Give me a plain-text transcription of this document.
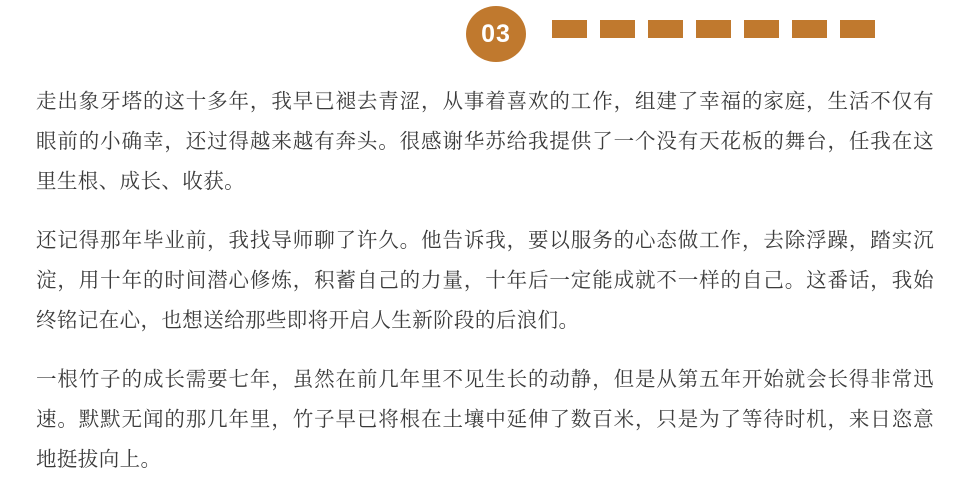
03

走出象牙塔的这十多年，我早已褪去青涩，从事着喜欢的工作，组建了幸福的家庭，生活不仅有眼前的小确幸，还过得越来越有奔头。很感谢华苏给我提供了一个没有天花板的舞台，任我在这里生根、成长、收获。

还记得那年毕业前，我找导师聊了许久。他告诉我，要以服务的心态做工作，去除浮躁，踏实沉淀，用十年的时间潜心修炼，积蓄自己的力量，十年后一定能成就不一样的自己。这番话，我始终铭记在心，也想送给那些即将开启人生新阶段的后浪们。

一根竹子的成长需要七年，虽然在前几年里不见生长的动静，但是从第五年开始就会长得非常迅速。默默无闻的那几年里，竹子早已将根在土壤中延伸了数百米，只是为了等待时机，来日恣意地挺拔向上。
